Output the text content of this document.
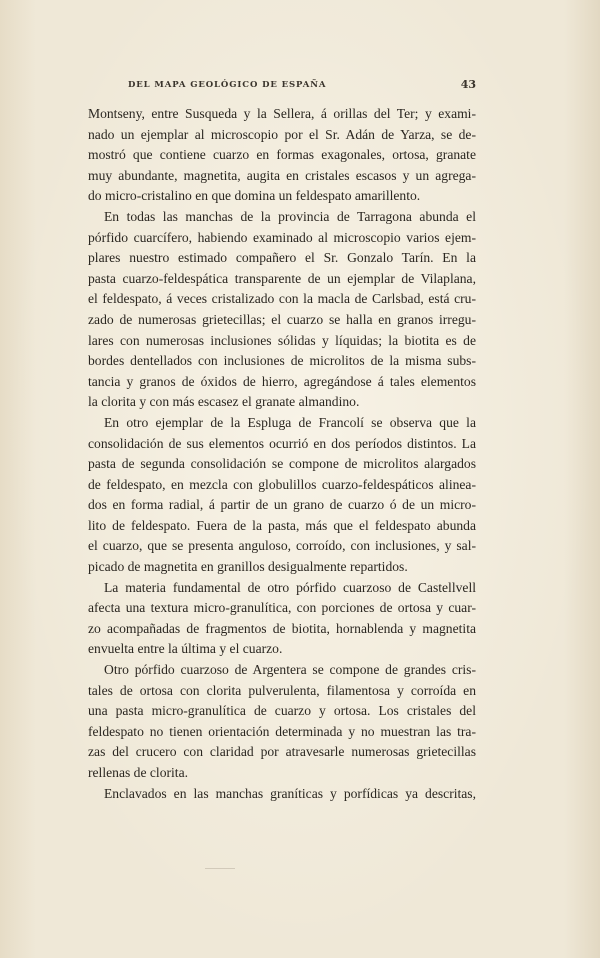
DEL MAPA GEOLÓGICO DE ESPAÑA	43
Montseny, entre Susqueda y la Sellera, á orillas del Ter; y exami-
nado un ejemplar al microscopio por el Sr. Adán de Yarza, se de-
mostró que contiene cuarzo en formas exagonales, ortosa, granate
muy abundante, magnetita, augita en cristales escasos y un agrega-
do micro-cristalino en que domina un feldespato amarillento.
En todas las manchas de la provincia de Tarragona abunda el
pórfido cuarcífero, habiendo examinado al microscopio varios ejem-
plares nuestro estimado compañero el Sr. Gonzalo Tarín. En la
pasta cuarzo-feldespática transparente de un ejemplar de Vilaplana,
el feldespato, á veces cristalizado con la macla de Carlsbad, está cru-
zado de numerosas grietecillas; el cuarzo se halla en granos irregu-
lares con numerosas inclusiones sólidas y líquidas; la biotita es de
bordes dentellados con inclusiones de microlitos de la misma subs-
tancia y granos de óxidos de hierro, agregándose á tales elementos
la clorita y con más escasez el granate almandino.
En otro ejemplar de la Espluga de Francolí se observa que la
consolidación de sus elementos ocurrió en dos períodos distintos. La
pasta de segunda consolidación se compone de microlitos alargados
de feldespato, en mezcla con globulillos cuarzo-feldespáticos alinea-
dos en forma radial, á partir de un grano de cuarzo ó de un micro-
lito de feldespato. Fuera de la pasta, más que el feldespato abunda
el cuarzo, que se presenta anguloso, corroído, con inclusiones, y sal-
picado de magnetita en granillos desigualmente repartidos.
La materia fundamental de otro pórfido cuarzoso de Castellvell
afecta una textura micro-granulítica, con porciones de ortosa y cuar-
zo acompañadas de fragmentos de biotita, hornablenda y magnetita
envuelta entre la última y el cuarzo.
Otro pórfido cuarzoso de Argentera se compone de grandes cris-
tales de ortosa con clorita pulverulenta, filamentosa y corroída en
una pasta micro-granulítica de cuarzo y ortosa. Los cristales del
feldespato no tienen orientación determinada y no muestran las tra-
zas del crucero con claridad por atravesarle numerosas grietecillas
rellenas de clorita.
Enclavados en las manchas graníticas y porfídicas ya descritas,
